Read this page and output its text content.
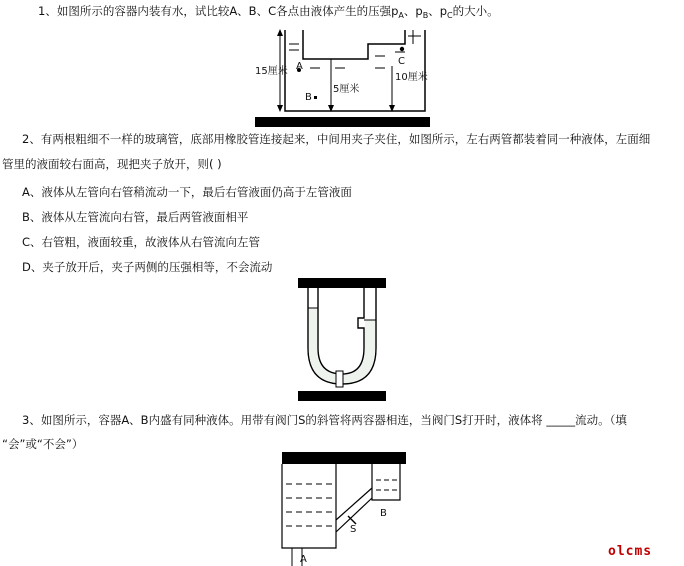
1、如图所示的容器内装有水，试比较A、B、C各点由液体产生的压强$p_A$、$p_B$、$p_C$的大小。
15厘米 A
B
C
5厘米
10厘米
2、有两根粗细不一样的玻璃管，底部用橡胶管连接起来，中间用夹子夹住，如图所示，左右两管都装着同一种液体，左面细
管里的液面较右面高，现把夹子放开，则( )
A、液体从左管向右管稍流动一下，最后右管液面仍高于左管液面
B、液体从左管流向右管，最后两管液面相平
C、右管粗，液面较重，故液体从右管流向左管
D、夹子放开后，夹子两侧的压强相等，不会流动
3、如图所示，容器A、B内盛有同种液体。用带有阀门S的斜管将两容器相连，当阀门S打开时，液体将 _____流动。（填
“会”或“不会”）
S
B
A
olcms
